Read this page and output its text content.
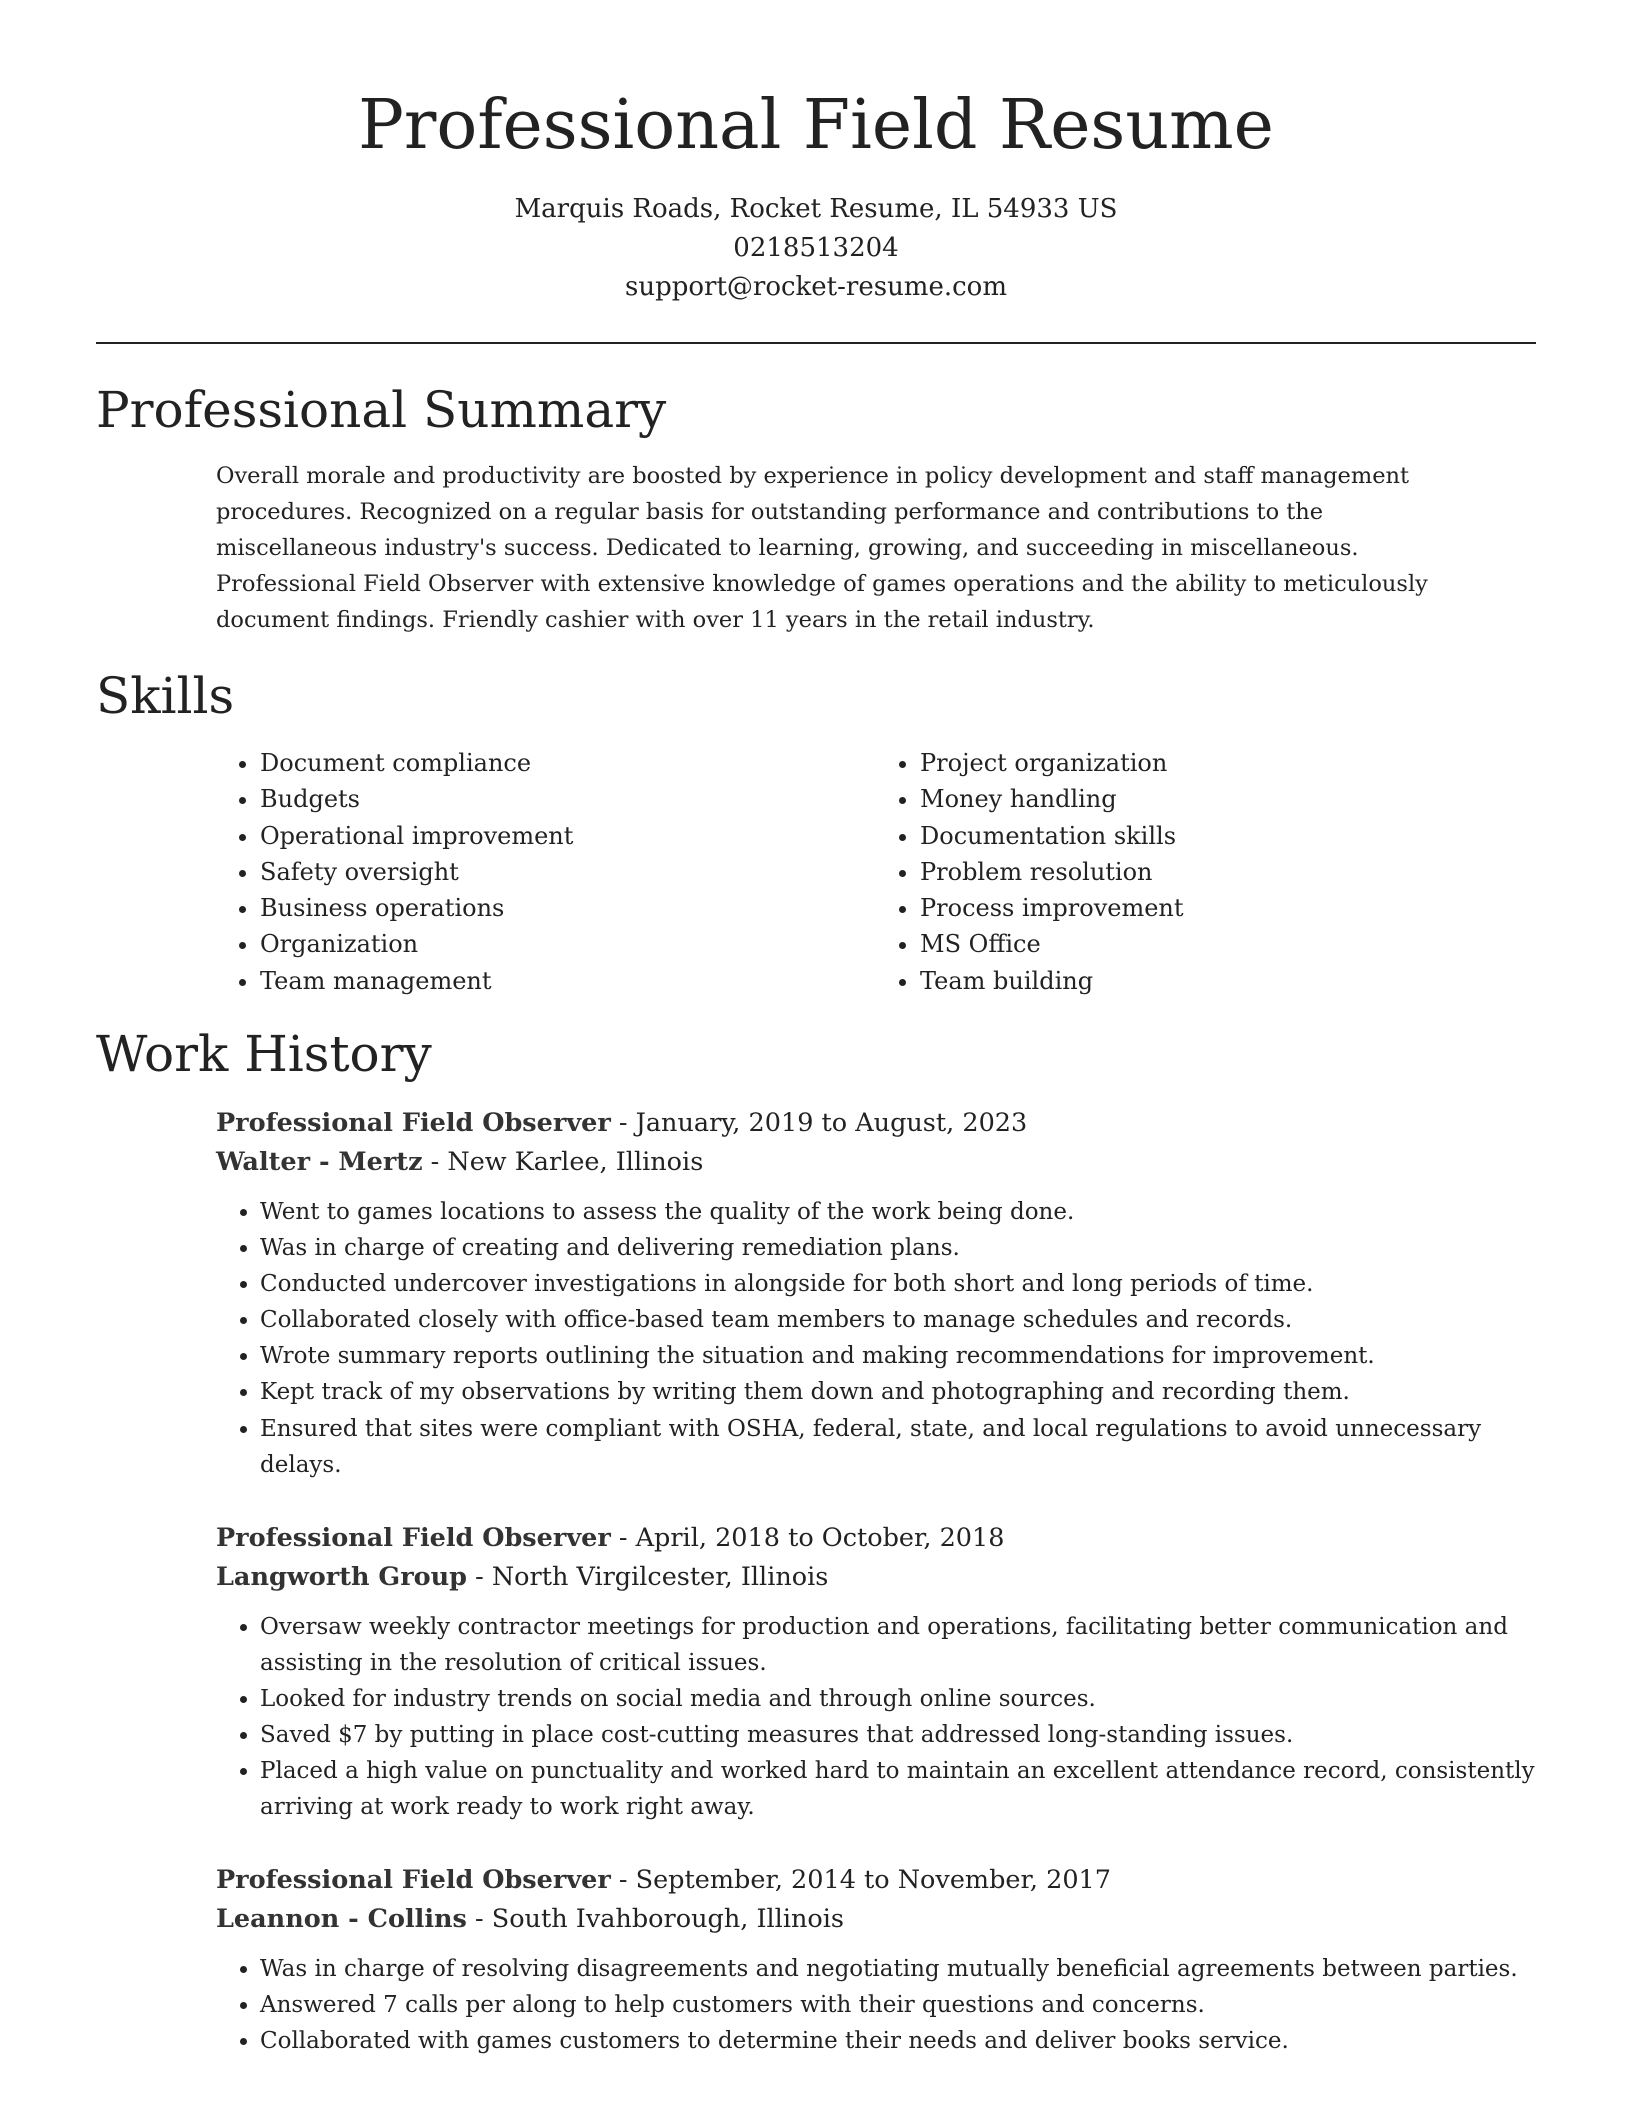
Professional Field Resume

Marquis Roads, Rocket Resume, IL 54933 US

0218513204

support@rocket-resume.com

Professional Summary

Overall morale and productivity are boosted by experience in policy development and staff management procedures. Recognized on a regular basis for outstanding performance and contributions to the miscellaneous industry's success. Dedicated to learning, growing, and succeeding in miscellaneous. Professional Field Observer with extensive knowledge of games operations and the ability to meticulously document findings. Friendly cashier with over 11 years in the retail industry.

Skills
• Document compliance
• Budgets
• Operational improvement
• Safety oversight
• Business operations
• Organization
• Team management
• Project organization
• Money handling
• Documentation skills
• Problem resolution
• Process improvement
• MS Office
• Team building
Work History

Professional Field Observer - January, 2019 to August, 2023

Walter - Mertz - New Karlee, Illinois

• Went to games locations to assess the quality of the work being done.
• Was in charge of creating and delivering remediation plans.
• Conducted undercover investigations in alongside for both short and long periods of time.
• Collaborated closely with office-based team members to manage schedules and records.
• Wrote summary reports outlining the situation and making recommendations for improvement.
• Kept track of my observations by writing them down and photographing and recording them.
• Ensured that sites were compliant with OSHA, federal, state, and local regulations to avoid unnecessary delays.

Professional Field Observer - April, 2018 to October, 2018

Langworth Group - North Virgilcester, Illinois

• Oversaw weekly contractor meetings for production and operations, facilitating better communication and assisting in the resolution of critical issues.
• Looked for industry trends on social media and through online sources.
• Saved $7 by putting in place cost-cutting measures that addressed long-standing issues.
• Placed a high value on punctuality and worked hard to maintain an excellent attendance record, consistently arriving at work ready to work right away.

Professional Field Observer - September, 2014 to November, 2017

Leannon - Collins - South Ivahborough, Illinois

• Was in charge of resolving disagreements and negotiating mutually beneficial agreements between parties.
• Answered 7 calls per along to help customers with their questions and concerns.
• Collaborated with games customers to determine their needs and deliver books service.
